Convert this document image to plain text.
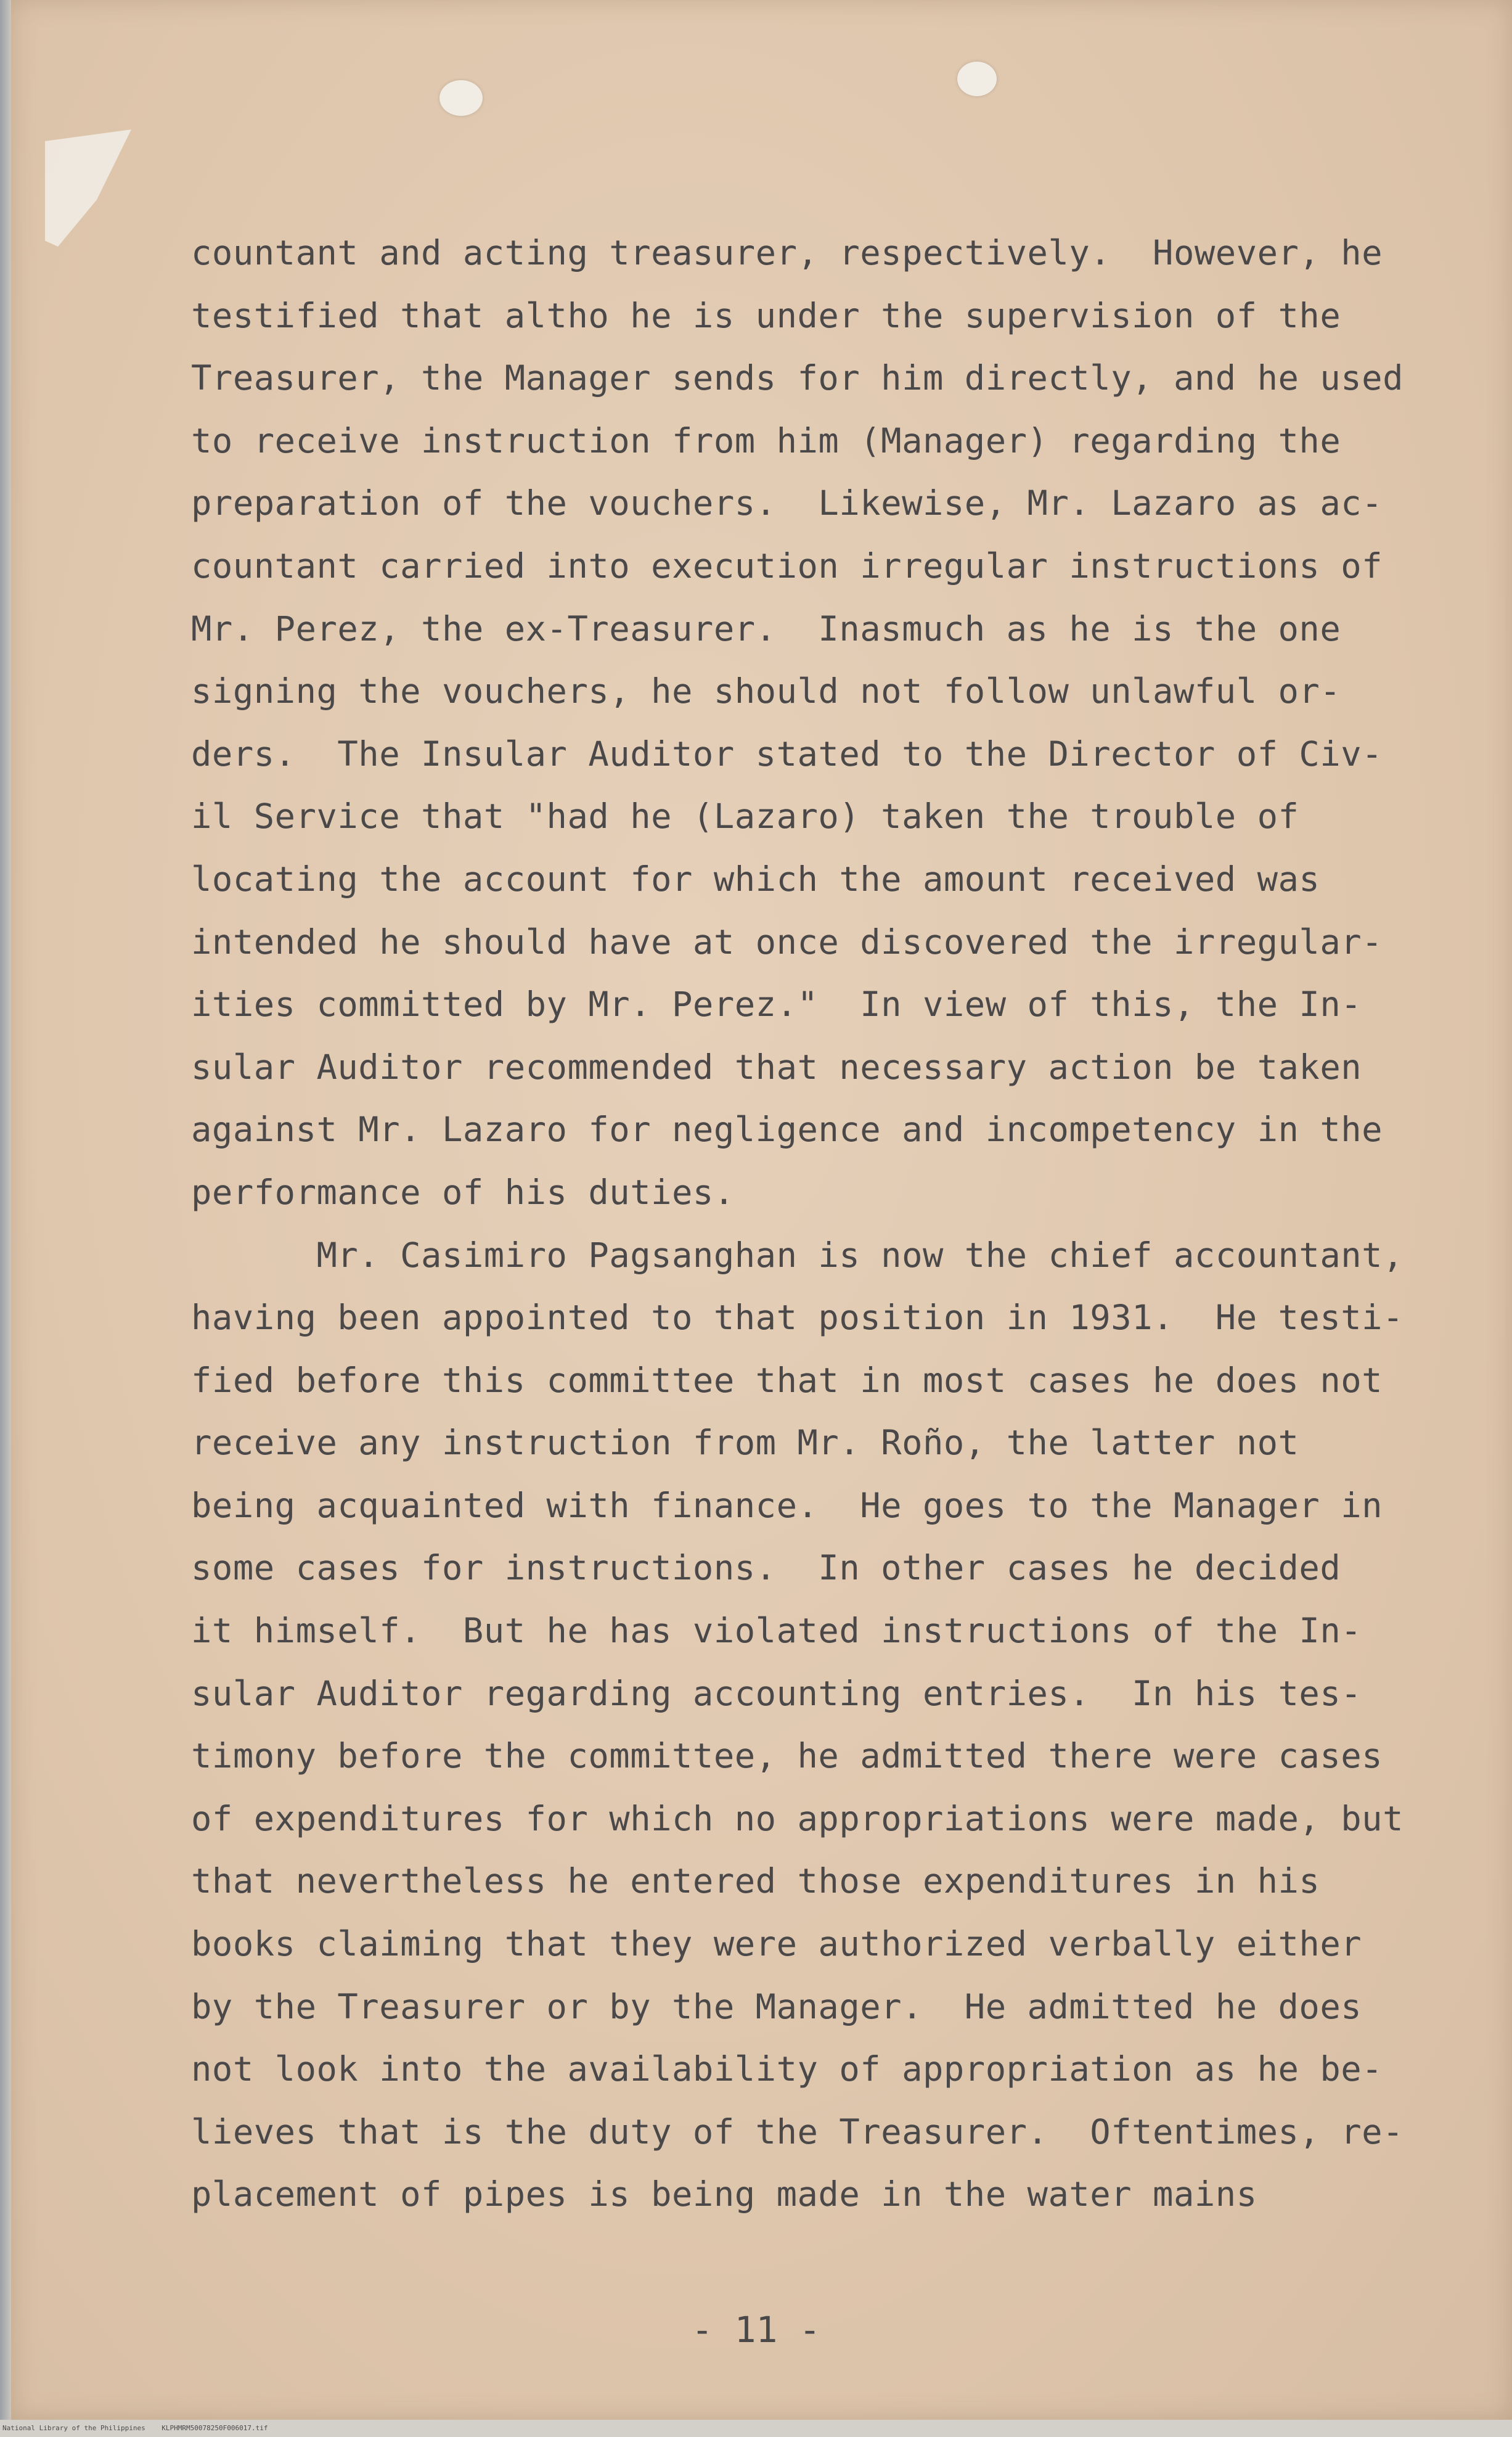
countant and acting treasurer, respectively.  However, he
testified that altho he is under the supervision of the
Treasurer, the Manager sends for him directly, and he used
to receive instruction from him (Manager) regarding the
preparation of the vouchers.  Likewise, Mr. Lazaro as ac-
countant carried into execution irregular instructions of
Mr. Perez, the ex-Treasurer.  Inasmuch as he is the one
signing the vouchers, he should not follow unlawful or-
ders.  The Insular Auditor stated to the Director of Civ-
il Service that "had he (Lazaro) taken the trouble of
locating the account for which the amount received was
intended he should have at once discovered the irregular-
ities committed by Mr. Perez."  In view of this, the In-
sular Auditor recommended that necessary action be taken
against Mr. Lazaro for negligence and incompetency in the
performance of his duties.
Mr. Casimiro Pagsanghan is now the chief accountant,
having been appointed to that position in 1931.  He testi-
fied before this committee that in most cases he does not
receive any instruction from Mr. Roño, the latter not
being acquainted with finance.  He goes to the Manager in
some cases for instructions.  In other cases he decided
it himself.  But he has violated instructions of the In-
sular Auditor regarding accounting entries.  In his tes-
timony before the committee, he admitted there were cases
of expenditures for which no appropriations were made, but
that nevertheless he entered those expenditures in his
books claiming that they were authorized verbally either
by the Treasurer or by the Manager.  He admitted he does
not look into the availability of appropriation as he be-
lieves that is the duty of the Treasurer.  Oftentimes, re-
placement of pipes is being made in the water mains
- 11 -
National Library of the Philippines    KLPHMRM50078250F006017.tif
